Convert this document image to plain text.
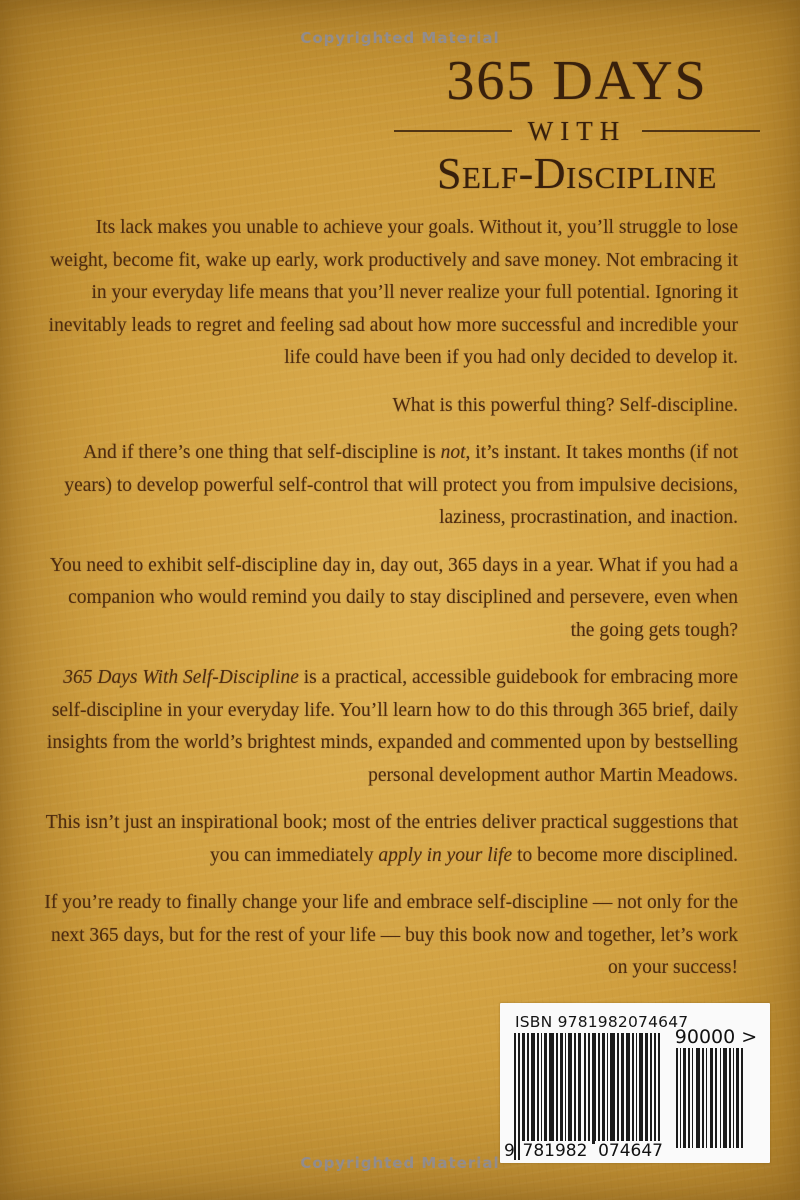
Copyrighted Material
365 DAYS
WITH
Self-Discipline

Its lack makes you unable to achieve your goals. Without it, you’ll struggle to lose weight, become fit, wake up early, work productively and save money. Not embracing it in your everyday life means that you’ll never realize your full potential. Ignoring it inevitably leads to regret and feeling sad about how more successful and incredible your life could have been if you had only decided to develop it.

What is this powerful thing? Self-discipline.

And if there’s one thing that self-discipline is not, it’s instant. It takes months (if not years) to develop powerful self-control that will protect you from impulsive decisions, laziness, procrastination, and inaction.

You need to exhibit self-discipline day in, day out, 365 days in a year. What if you had a companion who would remind you daily to stay disciplined and persevere, even when the going gets tough?

365 Days With Self-Discipline is a practical, accessible guidebook for embracing more self-discipline in your everyday life. You’ll learn how to do this through 365 brief, daily insights from the world’s brightest minds, expanded and commented upon by bestselling personal development author Martin Meadows.

This isn’t just an inspirational book; most of the entries deliver practical suggestions that you can immediately apply in your life to become more disciplined.

If you’re ready to finally change your life and embrace self-discipline — not only for the next 365 days, but for the rest of your life — buy this book now and together, let’s work on your success!

ISBN 9781982074647
9 781982 074647
90000 >
Copyrighted Material
